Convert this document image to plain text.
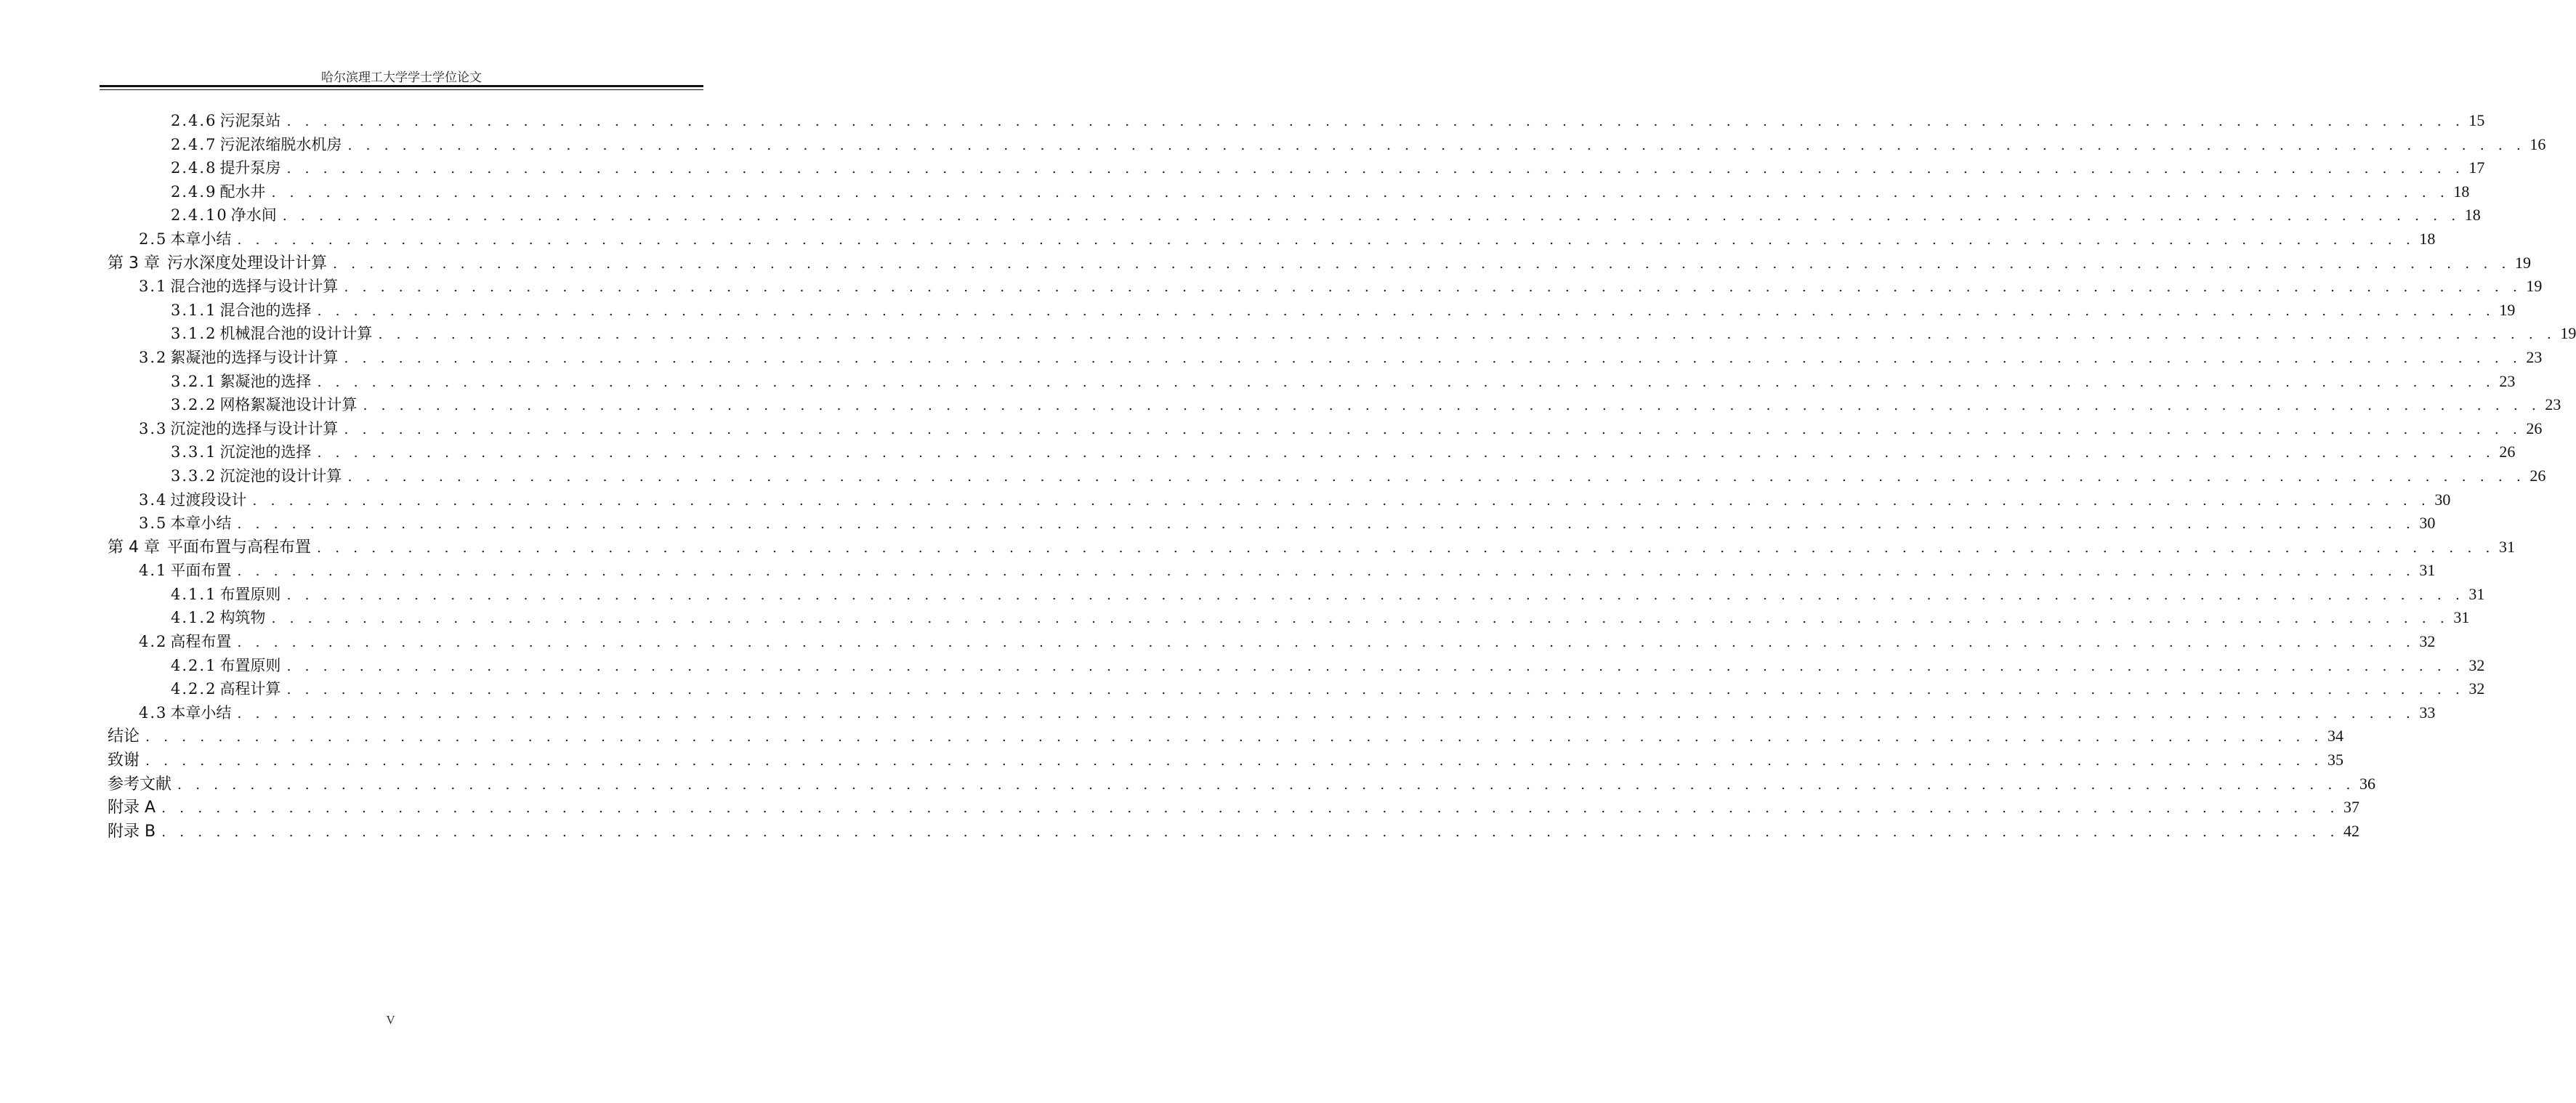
哈尔滨理工大学学士学位论文
2.4.6 污泥泵站 . . . . . . . . . . . . . . . . . . . . . . . . . . . . . . . . . . . . . . . . . . . . . . . . . . . . . . . . . . . . . . . . . . . . . . . . . . . . . . . . . . . . . . . . . . . . . . . . . . . . . . . . . . . . . . . . . . . . . . . . 15
2.4.7 污泥浓缩脱水机房 . . . . . . . . . . . . . . . . . . . . . . . . . . . . . . . . . . . . . . . . . . . . . . . . . . . . . . . . . . . . . . . . . . . . . . . . . . . . . . . . . . . . . . . . . . . . . . . . . . . . . . . . . . . . . . . . . . . . . . . . 16
2.4.8 提升泵房 . . . . . . . . . . . . . . . . . . . . . . . . . . . . . . . . . . . . . . . . . . . . . . . . . . . . . . . . . . . . . . . . . . . . . . . . . . . . . . . . . . . . . . . . . . . . . . . . . . . . . . . . . . . . . . . . . . . . . . . . 17
2.4.9 配水井 . . . . . . . . . . . . . . . . . . . . . . . . . . . . . . . . . . . . . . . . . . . . . . . . . . . . . . . . . . . . . . . . . . . . . . . . . . . . . . . . . . . . . . . . . . . . . . . . . . . . . . . . . . . . . . . . . . . . . . . . 18
2.4.10 净水间 . . . . . . . . . . . . . . . . . . . . . . . . . . . . . . . . . . . . . . . . . . . . . . . . . . . . . . . . . . . . . . . . . . . . . . . . . . . . . . . . . . . . . . . . . . . . . . . . . . . . . . . . . . . . . . . . . . . . . . . . 18
2.5 本章小结 . . . . . . . . . . . . . . . . . . . . . . . . . . . . . . . . . . . . . . . . . . . . . . . . . . . . . . . . . . . . . . . . . . . . . . . . . . . . . . . . . . . . . . . . . . . . . . . . . . . . . . . . . . . . . . . . . . . . . . . . 18
第 3 章 污水深度处理设计计算 . . . . . . . . . . . . . . . . . . . . . . . . . . . . . . . . . . . . . . . . . . . . . . . . . . . . . . . . . . . . . . . . . . . . . . . . . . . . . . . . . . . . . . . . . . . . . . . . . . . . . . . . . . . . . . . . . . . . . . . . 19
3.1 混合池的选择与设计计算 . . . . . . . . . . . . . . . . . . . . . . . . . . . . . . . . . . . . . . . . . . . . . . . . . . . . . . . . . . . . . . . . . . . . . . . . . . . . . . . . . . . . . . . . . . . . . . . . . . . . . . . . . . . . . . . . . . . . . . . . 19
3.1.1 混合池的选择 . . . . . . . . . . . . . . . . . . . . . . . . . . . . . . . . . . . . . . . . . . . . . . . . . . . . . . . . . . . . . . . . . . . . . . . . . . . . . . . . . . . . . . . . . . . . . . . . . . . . . . . . . . . . . . . . . . . . . . . . 19
3.1.2 机械混合池的设计计算 . . . . . . . . . . . . . . . . . . . . . . . . . . . . . . . . . . . . . . . . . . . . . . . . . . . . . . . . . . . . . . . . . . . . . . . . . . . . . . . . . . . . . . . . . . . . . . . . . . . . . . . . . . . . . . . . . . . . . . . . 19
3.2 絮凝池的选择与设计计算 . . . . . . . . . . . . . . . . . . . . . . . . . . . . . . . . . . . . . . . . . . . . . . . . . . . . . . . . . . . . . . . . . . . . . . . . . . . . . . . . . . . . . . . . . . . . . . . . . . . . . . . . . . . . . . . . . . . . . . . . 23
3.2.1 絮凝池的选择 . . . . . . . . . . . . . . . . . . . . . . . . . . . . . . . . . . . . . . . . . . . . . . . . . . . . . . . . . . . . . . . . . . . . . . . . . . . . . . . . . . . . . . . . . . . . . . . . . . . . . . . . . . . . . . . . . . . . . . . . 23
3.2.2 网格絮凝池设计计算 . . . . . . . . . . . . . . . . . . . . . . . . . . . . . . . . . . . . . . . . . . . . . . . . . . . . . . . . . . . . . . . . . . . . . . . . . . . . . . . . . . . . . . . . . . . . . . . . . . . . . . . . . . . . . . . . . . . . . . . . 23
3.3 沉淀池的选择与设计计算 . . . . . . . . . . . . . . . . . . . . . . . . . . . . . . . . . . . . . . . . . . . . . . . . . . . . . . . . . . . . . . . . . . . . . . . . . . . . . . . . . . . . . . . . . . . . . . . . . . . . . . . . . . . . . . . . . . . . . . . . 26
3.3.1 沉淀池的选择 . . . . . . . . . . . . . . . . . . . . . . . . . . . . . . . . . . . . . . . . . . . . . . . . . . . . . . . . . . . . . . . . . . . . . . . . . . . . . . . . . . . . . . . . . . . . . . . . . . . . . . . . . . . . . . . . . . . . . . . . 26
3.3.2 沉淀池的设计计算 . . . . . . . . . . . . . . . . . . . . . . . . . . . . . . . . . . . . . . . . . . . . . . . . . . . . . . . . . . . . . . . . . . . . . . . . . . . . . . . . . . . . . . . . . . . . . . . . . . . . . . . . . . . . . . . . . . . . . . . . 26
3.4 过渡段设计 . . . . . . . . . . . . . . . . . . . . . . . . . . . . . . . . . . . . . . . . . . . . . . . . . . . . . . . . . . . . . . . . . . . . . . . . . . . . . . . . . . . . . . . . . . . . . . . . . . . . . . . . . . . . . . . . . . . . . . . . 30
3.5 本章小结 . . . . . . . . . . . . . . . . . . . . . . . . . . . . . . . . . . . . . . . . . . . . . . . . . . . . . . . . . . . . . . . . . . . . . . . . . . . . . . . . . . . . . . . . . . . . . . . . . . . . . . . . . . . . . . . . . . . . . . . . 30
第 4 章 平面布置与高程布置 . . . . . . . . . . . . . . . . . . . . . . . . . . . . . . . . . . . . . . . . . . . . . . . . . . . . . . . . . . . . . . . . . . . . . . . . . . . . . . . . . . . . . . . . . . . . . . . . . . . . . . . . . . . . . . . . . . . . . . . . 31
4.1 平面布置 . . . . . . . . . . . . . . . . . . . . . . . . . . . . . . . . . . . . . . . . . . . . . . . . . . . . . . . . . . . . . . . . . . . . . . . . . . . . . . . . . . . . . . . . . . . . . . . . . . . . . . . . . . . . . . . . . . . . . . . . 31
4.1.1 布置原则 . . . . . . . . . . . . . . . . . . . . . . . . . . . . . . . . . . . . . . . . . . . . . . . . . . . . . . . . . . . . . . . . . . . . . . . . . . . . . . . . . . . . . . . . . . . . . . . . . . . . . . . . . . . . . . . . . . . . . . . . 31
4.1.2 构筑物 . . . . . . . . . . . . . . . . . . . . . . . . . . . . . . . . . . . . . . . . . . . . . . . . . . . . . . . . . . . . . . . . . . . . . . . . . . . . . . . . . . . . . . . . . . . . . . . . . . . . . . . . . . . . . . . . . . . . . . . . 31
4.2 高程布置 . . . . . . . . . . . . . . . . . . . . . . . . . . . . . . . . . . . . . . . . . . . . . . . . . . . . . . . . . . . . . . . . . . . . . . . . . . . . . . . . . . . . . . . . . . . . . . . . . . . . . . . . . . . . . . . . . . . . . . . . 32
4.2.1 布置原则 . . . . . . . . . . . . . . . . . . . . . . . . . . . . . . . . . . . . . . . . . . . . . . . . . . . . . . . . . . . . . . . . . . . . . . . . . . . . . . . . . . . . . . . . . . . . . . . . . . . . . . . . . . . . . . . . . . . . . . . . 32
4.2.2 高程计算 . . . . . . . . . . . . . . . . . . . . . . . . . . . . . . . . . . . . . . . . . . . . . . . . . . . . . . . . . . . . . . . . . . . . . . . . . . . . . . . . . . . . . . . . . . . . . . . . . . . . . . . . . . . . . . . . . . . . . . . . 32
4.3 本章小结 . . . . . . . . . . . . . . . . . . . . . . . . . . . . . . . . . . . . . . . . . . . . . . . . . . . . . . . . . . . . . . . . . . . . . . . . . . . . . . . . . . . . . . . . . . . . . . . . . . . . . . . . . . . . . . . . . . . . . . . . 33
结论 . . . . . . . . . . . . . . . . . . . . . . . . . . . . . . . . . . . . . . . . . . . . . . . . . . . . . . . . . . . . . . . . . . . . . . . . . . . . . . . . . . . . . . . . . . . . . . . . . . . . . . . . . . . . . . . . . . . . . . . . 34
致谢 . . . . . . . . . . . . . . . . . . . . . . . . . . . . . . . . . . . . . . . . . . . . . . . . . . . . . . . . . . . . . . . . . . . . . . . . . . . . . . . . . . . . . . . . . . . . . . . . . . . . . . . . . . . . . . . . . . . . . . . . 35
参考文献 . . . . . . . . . . . . . . . . . . . . . . . . . . . . . . . . . . . . . . . . . . . . . . . . . . . . . . . . . . . . . . . . . . . . . . . . . . . . . . . . . . . . . . . . . . . . . . . . . . . . . . . . . . . . . . . . . . . . . . . . 36
附录 A . . . . . . . . . . . . . . . . . . . . . . . . . . . . . . . . . . . . . . . . . . . . . . . . . . . . . . . . . . . . . . . . . . . . . . . . . . . . . . . . . . . . . . . . . . . . . . . . . . . . . . . . . . . . . . . . . . . . . . . . 37
附录 B . . . . . . . . . . . . . . . . . . . . . . . . . . . . . . . . . . . . . . . . . . . . . . . . . . . . . . . . . . . . . . . . . . . . . . . . . . . . . . . . . . . . . . . . . . . . . . . . . . . . . . . . . . . . . . . . . . . . . . . . 42
V
